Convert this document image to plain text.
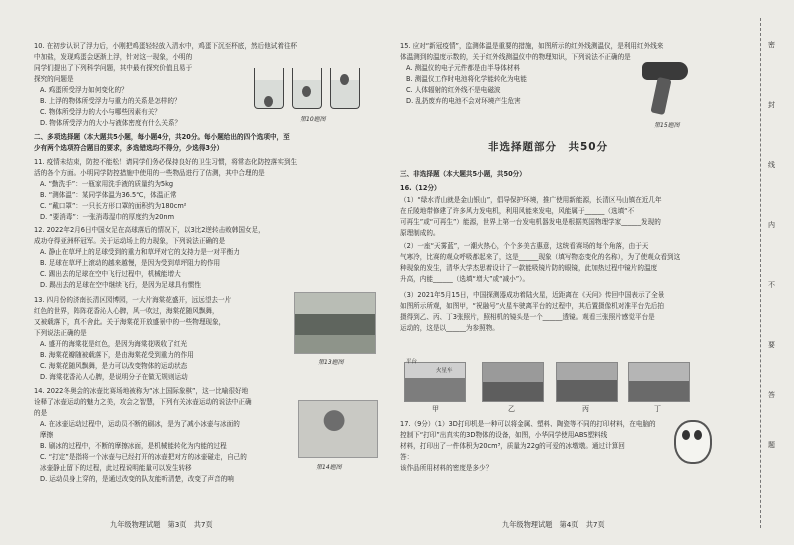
10. 在初步认识了浮力后，小刚把鸡蛋轻轻放入清水中，鸡蛋下沉至杯底，然后他试着往杯
中加盐，发现鸡蛋会逐渐上浮，针对这一现象，小明的
同学们提出了下列科学问题，其中最有探究价值且易于
探究的问题是
A. 鸡蛋所受浮力如何变化的？
B. 上浮的物体所受浮力与重力的关系是怎样的？
C. 物体所受浮力的大小与哪些因素有关？
D. 物体所受浮力的大小与液体密度有什么关系？	第10题图
二、多项选择题（本大题共5小题，每小题4分，共20分。每小题给出的四个选项中，至
少有两个选项符合题目的要求，多选错选均不得分，少选得3分）
11. 疫情未结束，防控不能松！请同学们务必保持良好的卫生习惯，将常态化防控落实到生
活的各个方面。小明同学防控措施中使用的一些物品进行了估测，其中合理的是
A. “勤洗手”：一瓶家用洗手液的质量约为5kg
B. “测体温”：某同学体温为36.5℃，体温正常
C. “戴口罩”：一只长方形口罩的面积约为180cm²
D. “要消毒”：一张消毒湿巾的厚度约为20nm
12. 2022年2月6日中国女足在高球落后的情况下，以3比2逆转击败韩国女足，
成功夺得亚洲杯冠军。关于运动场上的力现象，下列说法正确的是
A. 静止在草坪上的足球受到的重力和草坪对它的支持力是一对平衡力
B. 足球在草坪上滚动的越来越慢，是因为受到草坪阻力的作用
C. 踢出去的足球在空中飞行过程中，机械能增大
D. 踢出去的足球在空中继续飞行，是因为足球具有惯性
13. 四月份的济南长清区园博园，一大片海棠花盛开，远远望去一片
红色的世界，阵阵花香沁人心脾，风一吹过，海棠花随风飘舞，
又被载落下，真不舍此。关于海棠花开放盛景中的一些物理现象，
下列说法正确的是
A. 盛开的海棠花是红色，是因为海棠花吸收了红光
B. 海棠花瓣随被载落下，是由海棠花受到重力的作用
C. 海棠花随风飘舞，是力可以改变物体的运动状态
D. 海棠花香沁人心脾，是说明分子在做无规则运动
第13题图
14. 2022冬奥会的冰壶比赛场地被称为“冰上国际象棋”，这一比喻很好地
诠释了冰壶运动的魅力之美，攻会之智慧，下列有关冰壶运动的说法中正确
的是
A. 在冰壶运动过程中，运动员不断的刷冰，是为了减小冰壶与冰面的
摩擦
B. 刷冰的过程中，不断的摩擦冰面，是机械能转化为内能的过程
C. “打定”是指将一个冰壶与已经打开的冰壶把对方的冰壶碰走，自己的
冰壶静止留下的过程，此过程说明能量可以发生转移
D. 运动员身上穿的，是通过改变的队友能听清楚，改变了声音的响
第14题图
九年级物理试题　 第3页　 共7页
15. 应对“新冠疫情”，监测体温是重要的措施，如图所示的红外线测温仪，是利用红外线来
体温测到的温度示数的，关于红外线测温仪中的物理知识，下列说法不正确的是
A. 测温仪的电子元件都是由半导体材料
B. 测温仪工作时电池将化学能转化为电能
C. 人体辐射的红外线不是电磁波
D. 乱扔废弃的电池不会对环境产生危害
第15题图
非选择题部分　共50分
三、非选择题（本大题共5小题，共50分）
16.（12分）
（1）“绿水青山就是金山银山”，倡导保护环境，推广使用新能源，长清区马山镇在近几年
在丘陵地带修建了许多风力发电机，利用风能来发电，风能属于______（选填“不
可再生”或“可再生”）能源，世界上第一台发电机器发电是根据英国物理学家______发现的
原理制成的。
（2）一座“天雾蓝”，一潮火热心，个个多美古惠意，这统看赛场的每个角落，由于天
气寒冷，比赛的观众呼吸都起来了，这是______现象（填写物态变化的名称），为了使观众看到这
种现象的发生，清华大学杰思着设计了一款能吸镜片防的眼镜，此加热过程中镜片的温度
升高，内能______（选填“增大”或“减小”）。
（3）2021年5月15日，中国探测器成功着陆火星，近距离在《天问》传回中国表示了全景
如图所示所观，如图甲，“祝融号”火星车驶离平台的过程中，其后置摄像机对准平台先后拍
摄得到乙、丙、丁3张照片，照相机的镜头是一个______透镜。观看三张照片感觉平台是
运动的，这是以______为参照物。
平台
火星车
甲	乙	丙	丁
17.（9分）（1）3D打印机是一种可以将金属、塑料、陶瓷等不同的打印材料，在电脑的
控制下“打印”出真实的3D物体的设备，如图，小华同学使用ABS塑料线
材料，打印出了一件体积为20cm³，质量为22g的可爱的冰墩墩。通过计算回
答：
该作品所用材料的密度是多少？
九年级物理试题　 第4页　 共7页
密
封
线
内
不
要
答
题
